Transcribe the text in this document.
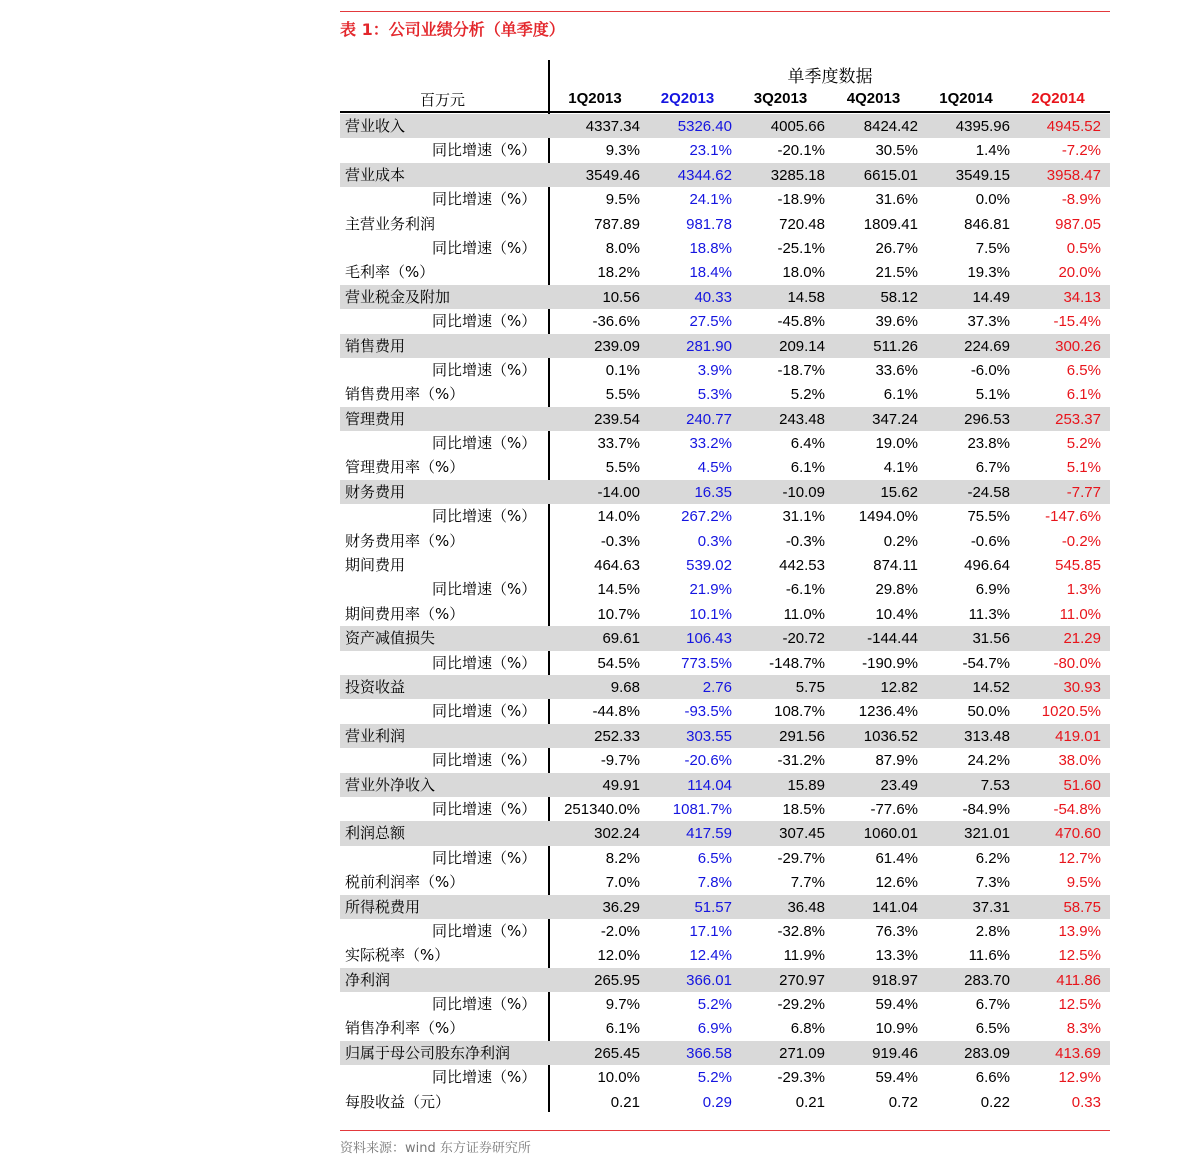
表 1：公司业绩分析（单季度）
单季度数据
百万元	1Q2013	2Q2013	3Q2013	4Q2013	1Q2014	2Q2014
营业收入	4337.34	5326.40	4005.66	8424.42	4395.96	4945.52
同比增速（%）	9.3%	23.1%	-20.1%	30.5%	1.4%	-7.2%
营业成本	3549.46	4344.62	3285.18	6615.01	3549.15	3958.47
同比增速（%）	9.5%	24.1%	-18.9%	31.6%	0.0%	-8.9%
主营业务利润	787.89	981.78	720.48	1809.41	846.81	987.05
同比增速（%）	8.0%	18.8%	-25.1%	26.7%	7.5%	0.5%
毛利率（%）	18.2%	18.4%	18.0%	21.5%	19.3%	20.0%
营业税金及附加	10.56	40.33	14.58	58.12	14.49	34.13
同比增速（%）	-36.6%	27.5%	-45.8%	39.6%	37.3%	-15.4%
销售费用	239.09	281.90	209.14	511.26	224.69	300.26
同比增速（%）	0.1%	3.9%	-18.7%	33.6%	-6.0%	6.5%
销售费用率（%）	5.5%	5.3%	5.2%	6.1%	5.1%	6.1%
管理费用	239.54	240.77	243.48	347.24	296.53	253.37
同比增速（%）	33.7%	33.2%	6.4%	19.0%	23.8%	5.2%
管理费用率（%）	5.5%	4.5%	6.1%	4.1%	6.7%	5.1%
财务费用	-14.00	16.35	-10.09	15.62	-24.58	-7.77
同比增速（%）	14.0%	267.2%	31.1%	1494.0%	75.5%	-147.6%
财务费用率（%）	-0.3%	0.3%	-0.3%	0.2%	-0.6%	-0.2%
期间费用	464.63	539.02	442.53	874.11	496.64	545.85
同比增速（%）	14.5%	21.9%	-6.1%	29.8%	6.9%	1.3%
期间费用率（%）	10.7%	10.1%	11.0%	10.4%	11.3%	11.0%
资产减值损失	69.61	106.43	-20.72	-144.44	31.56	21.29
同比增速（%）	54.5%	773.5%	-148.7%	-190.9%	-54.7%	-80.0%
投资收益	9.68	2.76	5.75	12.82	14.52	30.93
同比增速（%）	-44.8%	-93.5%	108.7%	1236.4%	50.0%	1020.5%
营业利润	252.33	303.55	291.56	1036.52	313.48	419.01
同比增速（%）	-9.7%	-20.6%	-31.2%	87.9%	24.2%	38.0%
营业外净收入	49.91	114.04	15.89	23.49	7.53	51.60
同比增速（%）	251340.0%	1081.7%	18.5%	-77.6%	-84.9%	-54.8%
利润总额	302.24	417.59	307.45	1060.01	321.01	470.60
同比增速（%）	8.2%	6.5%	-29.7%	61.4%	6.2%	12.7%
税前利润率（%）	7.0%	7.8%	7.7%	12.6%	7.3%	9.5%
所得税费用	36.29	51.57	36.48	141.04	37.31	58.75
同比增速（%）	-2.0%	17.1%	-32.8%	76.3%	2.8%	13.9%
实际税率（%）	12.0%	12.4%	11.9%	13.3%	11.6%	12.5%
净利润	265.95	366.01	270.97	918.97	283.70	411.86
同比增速（%）	9.7%	5.2%	-29.2%	59.4%	6.7%	12.5%
销售净利率（%）	6.1%	6.9%	6.8%	10.9%	6.5%	8.3%
归属于母公司股东净利润	265.45	366.58	271.09	919.46	283.09	413.69
同比增速（%）	10.0%	5.2%	-29.3%	59.4%	6.6%	12.9%
每股收益（元）	0.21	0.29	0.21	0.72	0.22	0.33
资料来源：wind 东方证券研究所
